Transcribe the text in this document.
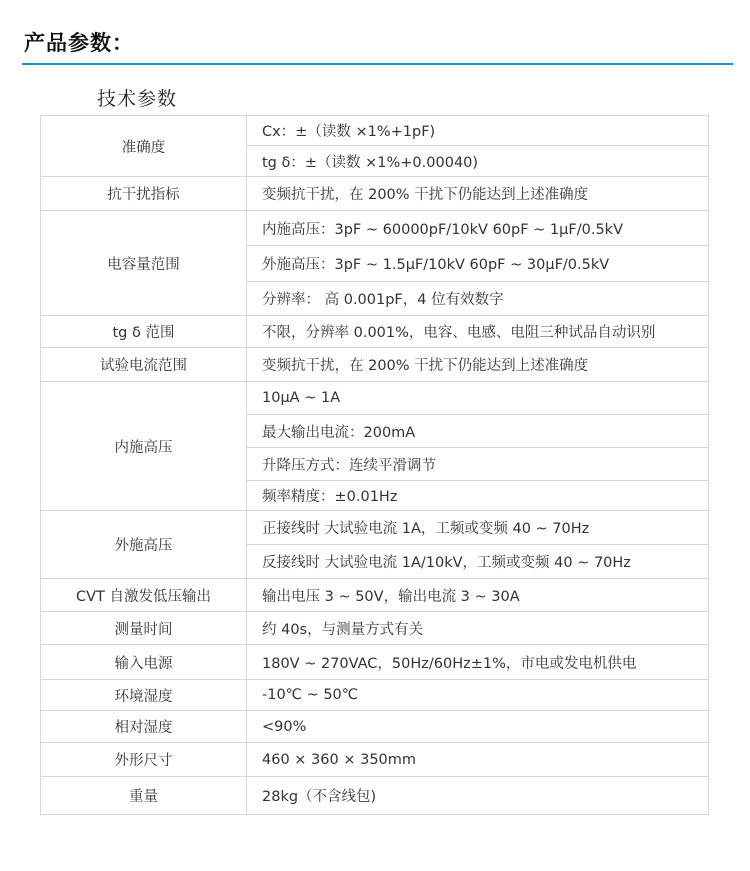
产品参数：
技术参数
准确度	Cx：±（读数 ×1%+1pF)
	tg δ：±（读数 ×1%+0.00040)
抗干扰指标	变频抗干扰，在 200% 干扰下仍能达到上述准确度
电容量范围	内施高压：3pF ~ 60000pF/10kV 60pF ~ 1μF/0.5kV
	外施高压：3pF ~ 1.5μF/10kV 60pF ~ 30μF/0.5kV
	分辨率： 高 0.001pF，4 位有效数字
tg δ 范围	不限，分辨率 0.001%，电容、电感、电阻三种试品自动识别
试验电流范围	变频抗干扰，在 200% 干扰下仍能达到上述准确度
内施高压	10μA ~ 1A
	最大输出电流：200mA
	升降压方式：连续平滑调节
	频率精度：±0.01Hz
外施高压	正接线时 大试验电流 1A，工频或变频 40 ~ 70Hz
	反接线时 大试验电流 1A/10kV，工频或变频 40 ~ 70Hz
CVT 自激发低压输出	输出电压 3 ~ 50V，输出电流 3 ~ 30A
测量时间	约 40s，与测量方式有关
输入电源	180V ~ 270VAC，50Hz/60Hz±1%，市电或发电机供电
环境湿度	-10℃ ~ 50℃
相对湿度	<90%
外形尺寸	460 × 360 × 350mm
重量	28kg（不含线包)
